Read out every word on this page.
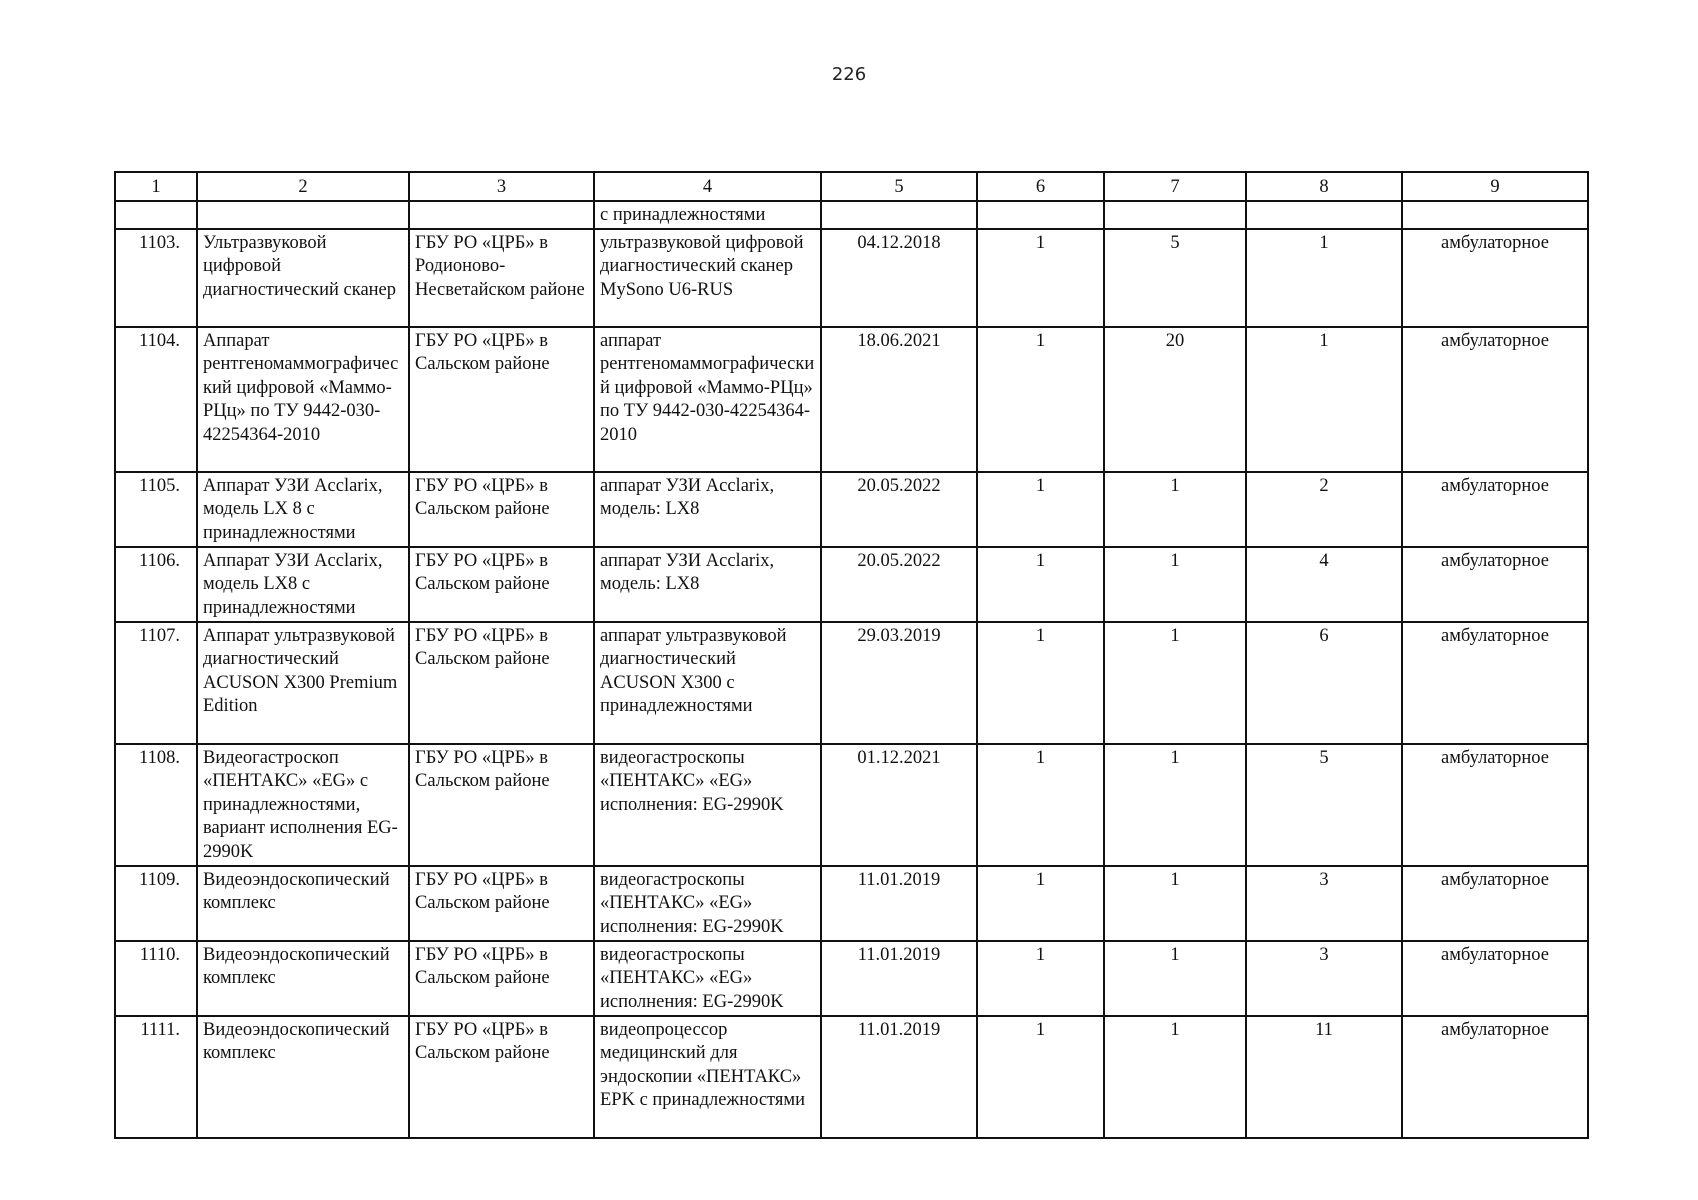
226
1	2	3	4	5	6	7	8	9
			с принадлежностями					
1103.	Ультразвуковой цифровой диагностический сканер	ГБУ РО «ЦРБ» в Родионово-Несветайском районе	ультразвуковой цифровой диагностический сканер MySono U6-RUS	04.12.2018	1	5	1	амбулаторное
1104.	Аппарат рентгеномаммографический цифровой «Маммо-РЦц» по ТУ 9442-030-42254364-2010	ГБУ РО «ЦРБ» в Сальском районе	аппарат рентгеномаммографический цифровой «Маммо-РЦц» по ТУ 9442-030-42254364-2010	18.06.2021	1	20	1	амбулаторное
1105.	Аппарат УЗИ Acclarix, модель LX 8 с принадлежностями	ГБУ РО «ЦРБ» в Сальском районе	аппарат УЗИ Acclarix, модель: LX8	20.05.2022	1	1	2	амбулаторное
1106.	Аппарат УЗИ Acclarix, модель LX8 с принадлежностями	ГБУ РО «ЦРБ» в Сальском районе	аппарат УЗИ Acclarix, модель: LX8	20.05.2022	1	1	4	амбулаторное
1107.	Аппарат ультразвуковой диагностический ACUSON X300 Premium Edition	ГБУ РО «ЦРБ» в Сальском районе	аппарат ультразвуковой диагностический ACUSON X300 с принадлежностями	29.03.2019	1	1	6	амбулаторное
1108.	Видеогастроскоп «ПЕНТАКС» «EG» с принадлежностями, вариант исполнения EG-2990K	ГБУ РО «ЦРБ» в Сальском районе	видеогастроскопы «ПЕНТАКС» «EG» исполнения: EG-2990K	01.12.2021	1	1	5	амбулаторное
1109.	Видеоэндоскопический комплекс	ГБУ РО «ЦРБ» в Сальском районе	видеогастроскопы «ПЕНТАКС» «EG» исполнения: EG-2990K	11.01.2019	1	1	3	амбулаторное
1110.	Видеоэндоскопический комплекс	ГБУ РО «ЦРБ» в Сальском районе	видеогастроскопы «ПЕНТАКС» «EG» исполнения: EG-2990K	11.01.2019	1	1	3	амбулаторное
1111.	Видеоэндоскопический комплекс	ГБУ РО «ЦРБ» в Сальском районе	видеопроцессор медицинский для эндоскопии «ПЕНТАКС» EPK с принадлежностями	11.01.2019	1	1	11	амбулаторное
